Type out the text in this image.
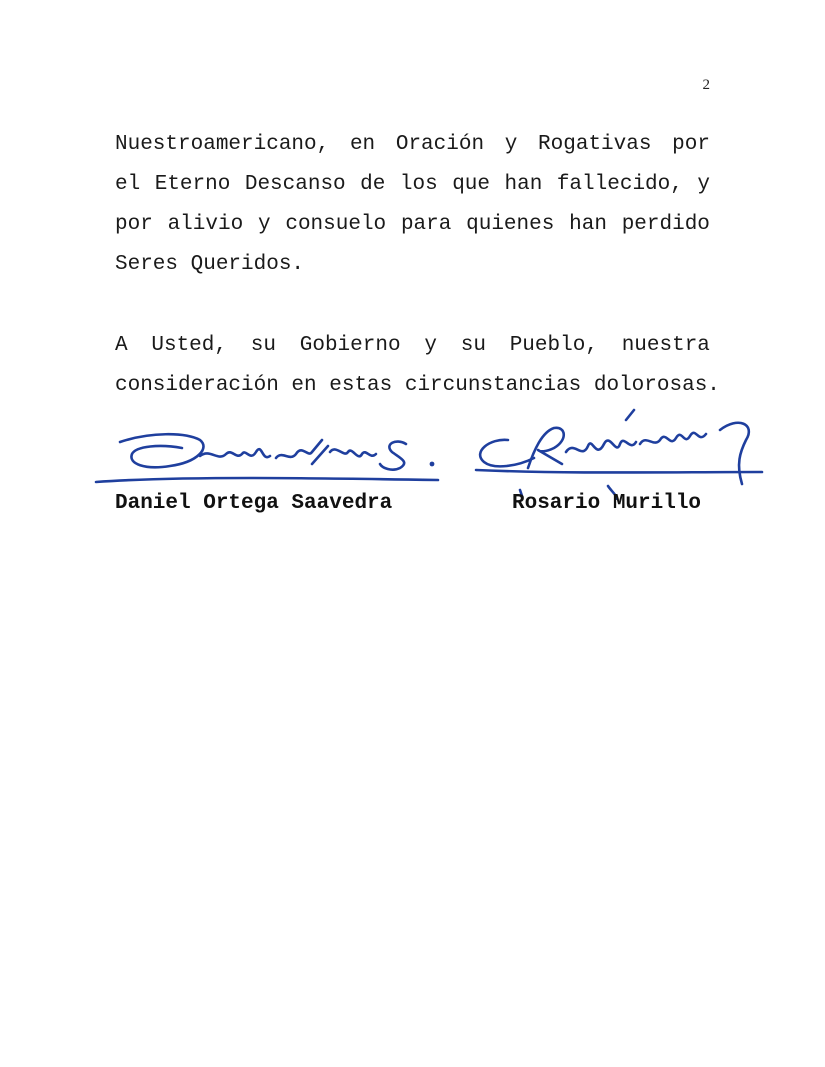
2
Nuestroamericano, en Oración y Rogativas por
el Eterno Descanso de los que han fallecido, y
por alivio y consuelo para quienes han perdido
Seres Queridos.
A Usted, su Gobierno y su Pueblo, nuestra
consideración en estas circunstancias dolorosas.
Daniel Ortega Saavedra	Rosario Murillo
